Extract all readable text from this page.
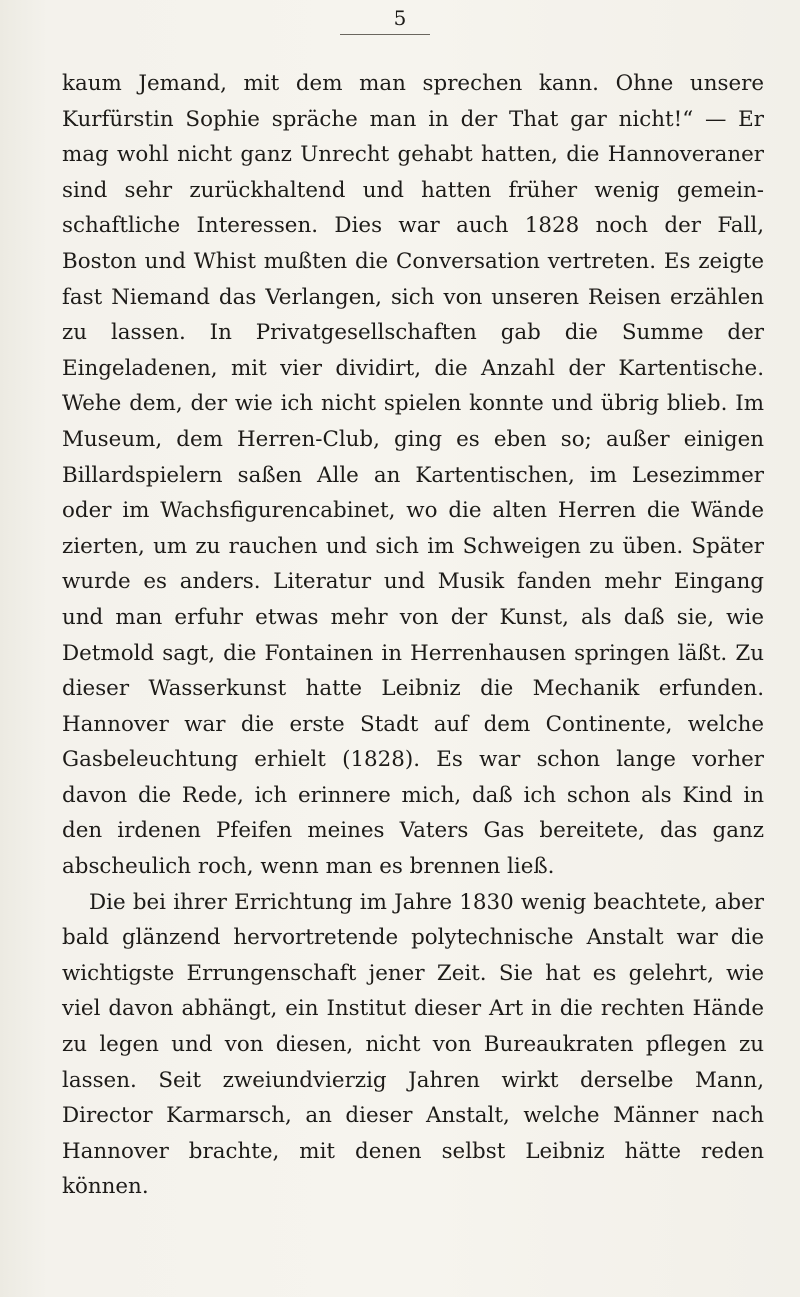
5

kaum Jemand, mit dem man sprechen kann. Ohne unsere Kurfürstin Sophie spräche man in der That gar nicht!“ — Er mag wohl nicht ganz Unrecht gehabt hatten, die Hannoveraner sind sehr zurückhaltend und hatten früher wenig gemeinschaftliche Interessen. Dies war auch 1828 noch der Fall, Boston und Whist mußten die Conversation vertreten. Es zeigte fast Niemand das Verlangen, sich von unseren Reisen erzählen zu lassen. In Privatgesellschaften gab die Summe der Eingeladenen, mit vier dividirt, die Anzahl der Kartentische. Wehe dem, der wie ich nicht spielen konnte und übrig blieb. Im Museum, dem Herren-Club, ging es eben so; außer einigen Billardspielern saßen Alle an Kartentischen, im Lesezimmer oder im Wachsfigurencabinet, wo die alten Herren die Wände zierten, um zu rauchen und sich im Schweigen zu üben. Später wurde es anders. Literatur und Musik fanden mehr Eingang und man erfuhr etwas mehr von der Kunst, als daß sie, wie Detmold sagt, die Fontainen in Herrenhausen springen läßt. Zu dieser Wasserkunst hatte Leibniz die Mechanik erfunden. Hannover war die erste Stadt auf dem Continente, welche Gasbeleuchtung erhielt (1828). Es war schon lange vorher davon die Rede, ich erinnere mich, daß ich schon als Kind in den irdenen Pfeifen meines Vaters Gas bereitete, das ganz abscheulich roch, wenn man es brennen ließ.

Die bei ihrer Errichtung im Jahre 1830 wenig beachtete, aber bald glänzend hervortretende polytechnische Anstalt war die wichtigste Errungenschaft jener Zeit. Sie hat es gelehrt, wie viel davon abhängt, ein Institut dieser Art in die rechten Hände zu legen und von diesen, nicht von Bureaukraten pflegen zu lassen. Seit zweiundvierzig Jahren wirkt derselbe Mann, Director Karmarsch, an dieser Anstalt, welche Männer nach Hannover brachte, mit denen selbst Leibniz hätte reden können.
